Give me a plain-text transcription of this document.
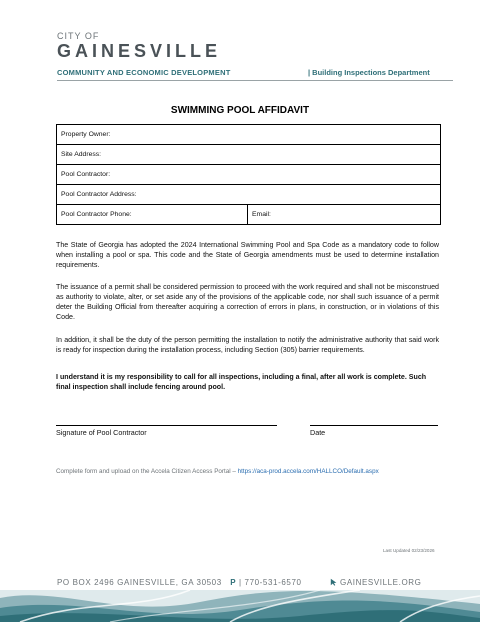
CITY OF
GAINESVILLE
COMMUNITY AND ECONOMIC DEVELOPMENT	| Building Inspections Department
SWIMMING POOL AFFIDAVIT
Property Owner:
Site Address:
Pool Contractor:
Pool Contractor Address:
Pool Contractor Phone:	Email:
The State of Georgia has adopted the 2024 International Swimming Pool and Spa Code as a mandatory code to follow when installing a pool or spa. This code and the State of Georgia amendments must be used to determine installation requirements.
The issuance of a permit shall be considered permission to proceed with the work required and shall not be misconstrued as authority to violate, alter, or set aside any of the provisions of the applicable code, nor shall such issuance of a permit deter the Building Official from thereafter acquiring a correction of errors in plans, in construction, or in violations of this Code.
In addition, it shall be the duty of the person permitting the installation to notify the administrative authority that said work is ready for inspection during the installation process, including Section (305) barrier requirements.
I understand it is my responsibility to call for all inspections, including a final, after all work is complete. Such final inspection shall include fencing around pool.
Signature of Pool Contractor	Date
Complete form and upload on the Accela Citizen Access Portal – https://aca-prod.accela.com/HALLCO/Default.aspx
Last Updated 02/23/2026
PO BOX 2496 GAINESVILLE, GA 30503 P | 770-531-6570	GAINESVILLE.ORG
